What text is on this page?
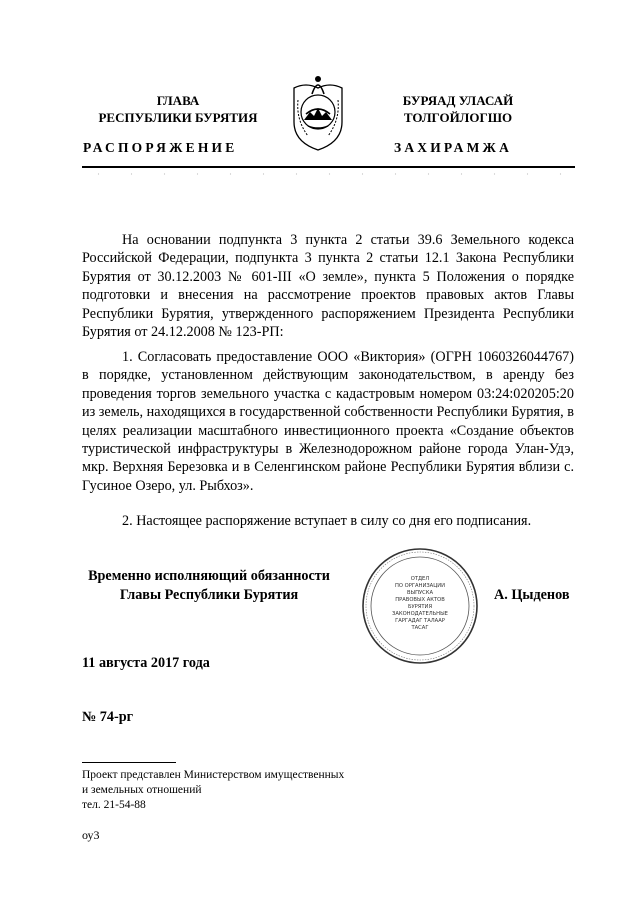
ГЛАВА
РЕСПУБЛИКИ БУРЯТИЯ
БУРЯАД УЛАСАЙ
ТОЛГОЙЛОГШО
РАСПОРЯЖЕНИЕ	ЗАХИРАМЖА

На основании подпункта 3 пункта 2 статьи 39.6 Земельного кодекса Российской Федерации, подпункта 3 пункта 2 статьи 12.1 Закона Республики Бурятия от 30.12.2003 № 601-III «О земле», пункта 5 Положения о порядке подготовки и внесения на рассмотрение проектов правовых актов Главы Республики Бурятия, утвержденного распоряжением Президента Республики Бурятия от 24.12.2008 № 123-РП:

1. Согласовать предоставление ООО «Виктория» (ОГРН 1060326044767) в порядке, установленном действующим законодательством, в аренду без проведения торгов земельного участка с кадастровым номером 03:24:020205:20 из земель, находящихся в государственной собственности Республики Бурятия, в целях реализации масштабного инвестиционного проекта «Создание объектов туристической инфраструктуры в Железнодорожном районе города Улан-Удэ, мкр. Верхняя Березовка и в Селенгинском районе Республики Бурятия вблизи с. Гусиное Озеро, ул. Рыбхоз».

2. Настоящее распоряжение вступает в силу со дня его подписания.

Временно исполняющий обязанности
Главы Республики Бурятия
ОТДЕЛ
ПО ОРГАНИЗАЦИИ
ВЫПУСКА
ПРАВОВЫХ АКТОВ
БУРЯТИЯ
ЗАКОНОДАТЕЛЬНЫЕ
ГАРГАДАГ ТАЛААР
ТАСАГ
А. Цыденов
11 августа 2017 года
№ 74-рг
Проект представлен Министерством имущественных
и земельных отношений
тел. 21-54-88
оу3
